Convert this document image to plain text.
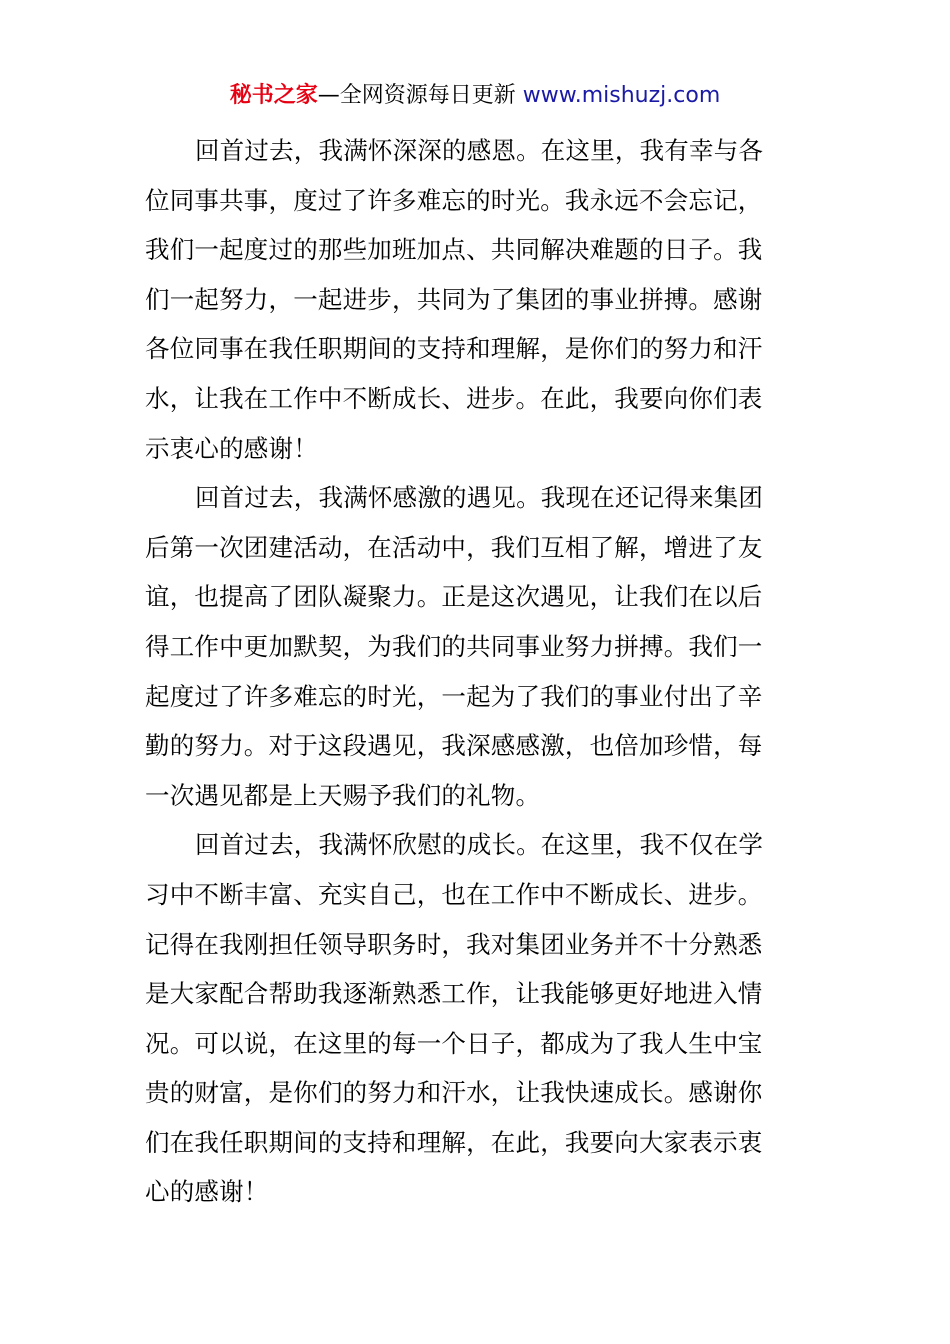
秘书之家—全网资源每日更新 www.mishuzj.com
回首过去，我满怀深深的感恩。在这里，我有幸与各
位同事共事，度过了许多难忘的时光。我永远不会忘记，
我们一起度过的那些加班加点、共同解决难题的日子。我
们一起努力，一起进步，共同为了集团的事业拼搏。感谢
各位同事在我任职期间的支持和理解，是你们的努力和汗
水，让我在工作中不断成长、进步。在此，我要向你们表
示衷心的感谢！
回首过去，我满怀感激的遇见。我现在还记得来集团
后第一次团建活动，在活动中，我们互相了解，增进了友
谊，也提高了团队凝聚力。正是这次遇见，让我们在以后
得工作中更加默契，为我们的共同事业努力拼搏。我们一
起度过了许多难忘的时光，一起为了我们的事业付出了辛
勤的努力。对于这段遇见，我深感感激，也倍加珍惜，每
一次遇见都是上天赐予我们的礼物。
回首过去，我满怀欣慰的成长。在这里，我不仅在学
习中不断丰富、充实自己，也在工作中不断成长、进步。
记得在我刚担任领导职务时，我对集团业务并不十分熟悉
是大家配合帮助我逐渐熟悉工作，让我能够更好地进入情
况。可以说，在这里的每一个日子，都成为了我人生中宝
贵的财富，是你们的努力和汗水，让我快速成长。感谢你
们在我任职期间的支持和理解，在此，我要向大家表示衷
心的感谢！
